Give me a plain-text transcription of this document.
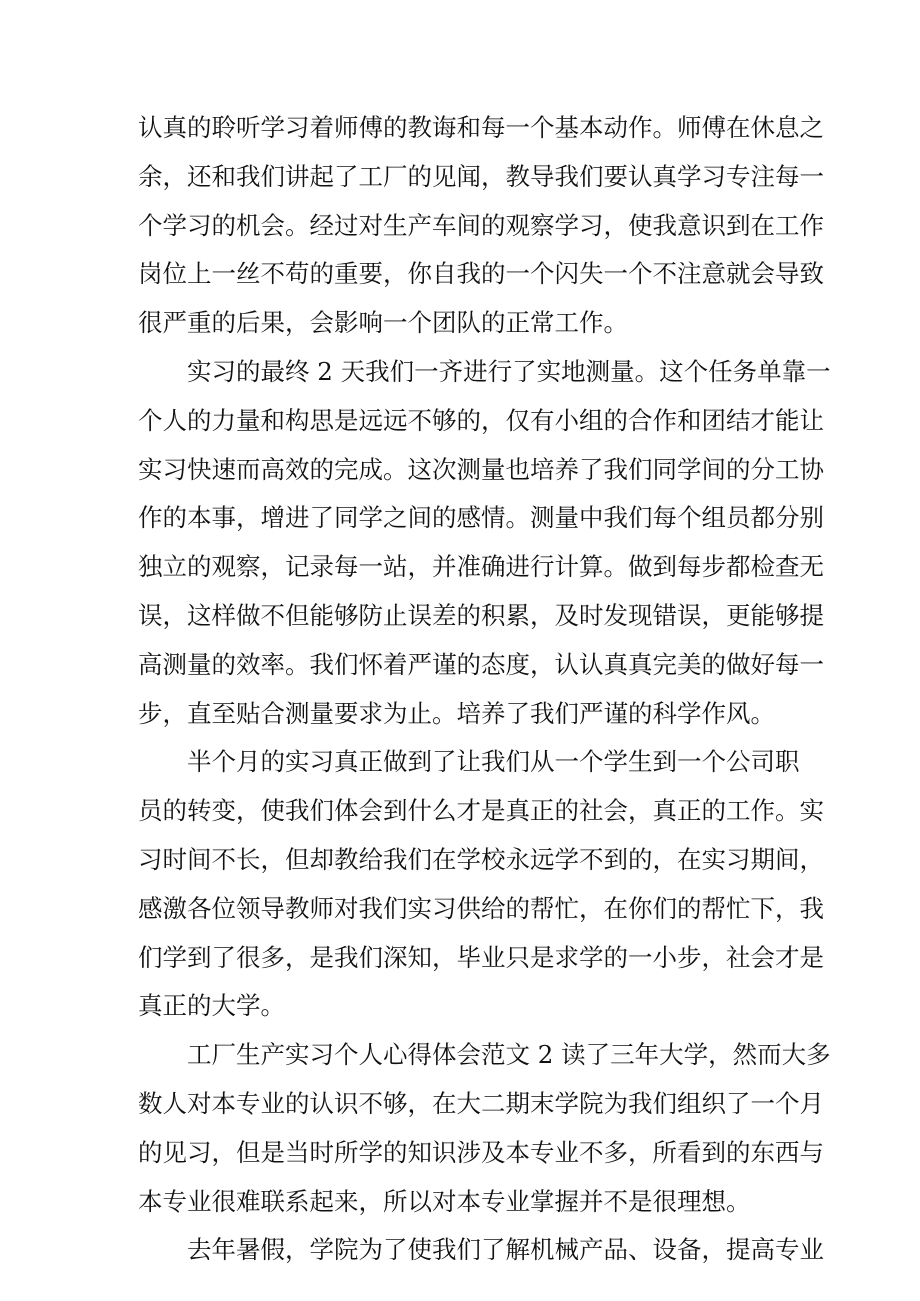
认真的聆听学习着师傅的教诲和每一个基本动作。师傅在休息之
余，还和我们讲起了工厂的见闻，教导我们要认真学习专注每一
个学习的机会。经过对生产车间的观察学习，使我意识到在工作
岗位上一丝不苟的重要，你自我的一个闪失一个不注意就会导致
很严重的后果，会影响一个团队的正常工作。

实习的最终 2 天我们一齐进行了实地测量。这个任务单靠一
个人的力量和构思是远远不够的，仅有小组的合作和团结才能让
实习快速而高效的完成。这次测量也培养了我们同学间的分工协
作的本事，增进了同学之间的感情。测量中我们每个组员都分别
独立的观察，记录每一站，并准确进行计算。做到每步都检查无
误，这样做不但能够防止误差的积累，及时发现错误，更能够提
高测量的效率。我们怀着严谨的态度，认认真真完美的做好每一
步，直至贴合测量要求为止。培养了我们严谨的科学作风。

半个月的实习真正做到了让我们从一个学生到一个公司职
员的转变，使我们体会到什么才是真正的社会，真正的工作。实
习时间不长，但却教给我们在学校永远学不到的，在实习期间，
感激各位领导教师对我们实习供给的帮忙，在你们的帮忙下，我
们学到了很多，是我们深知，毕业只是求学的一小步，社会才是
真正的大学。

工厂生产实习个人心得体会范文 2 读了三年大学，然而大多
数人对本专业的认识不够，在大二期末学院为我们组织了一个月
的见习，但是当时所学的知识涉及本专业不多，所看到的东西与
本专业很难联系起来，所以对本专业掌握并不是很理想。

去年暑假，学院为了使我们了解机械产品、设备，提高专业
